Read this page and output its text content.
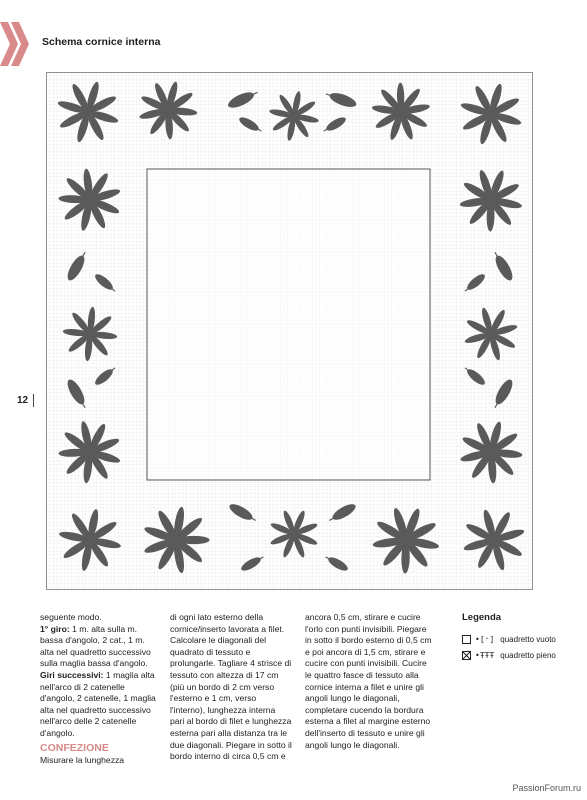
Schema cornice interna
12

seguente modo.

1° giro: 1 m. alta sulla m. bassa d'angolo, 2 cat., 1 m. alta nel quadretto successivo sulla maglia bassa d'angolo.

Giri successivi: 1 maglia alta nell'arco di 2 catenelle d'angolo, 2 catenelle, 1 maglia alta nel quadretto successivo nell'arco delle 2 catenelle d'angolo.

CONFEZIONE

Misurare la lunghezza

di ogni lato esterno della cornice/inserto lavorata a filet. Calcolare le diagonali del quadrato di tessuto e prolungarle. Tagliare 4 strisce di tessuto con altezza di 17 cm (più un bordo di 2 cm verso l'esterno e 1 cm, verso l'interno), lunghezza interna pari al bordo di filet e lunghezza esterna pari alla distanza tra le due diagonali. Piegare in sotto il bordo interno di circa 0,5 cm e

ancora 0,5 cm, stirare e cucire l'orlo con punti invisibili. Piegare in sotto il bordo esterno di 0,5 cm e poi ancora di 1,5 cm, stirare e cucire con punti invisibili. Cucire le quattro fasce di tessuto alla cornice interna a filet e unire gli angoli lungo le diagonali, completare cucendo la bordura esterna a filet al margine esterno dell'inserto di tessuto e unire gli angoli lungo le diagonali.

Legenda
•[⁺] quadretto vuoto
•ŦŦŦ quadretto pieno
PassionForum.ru
